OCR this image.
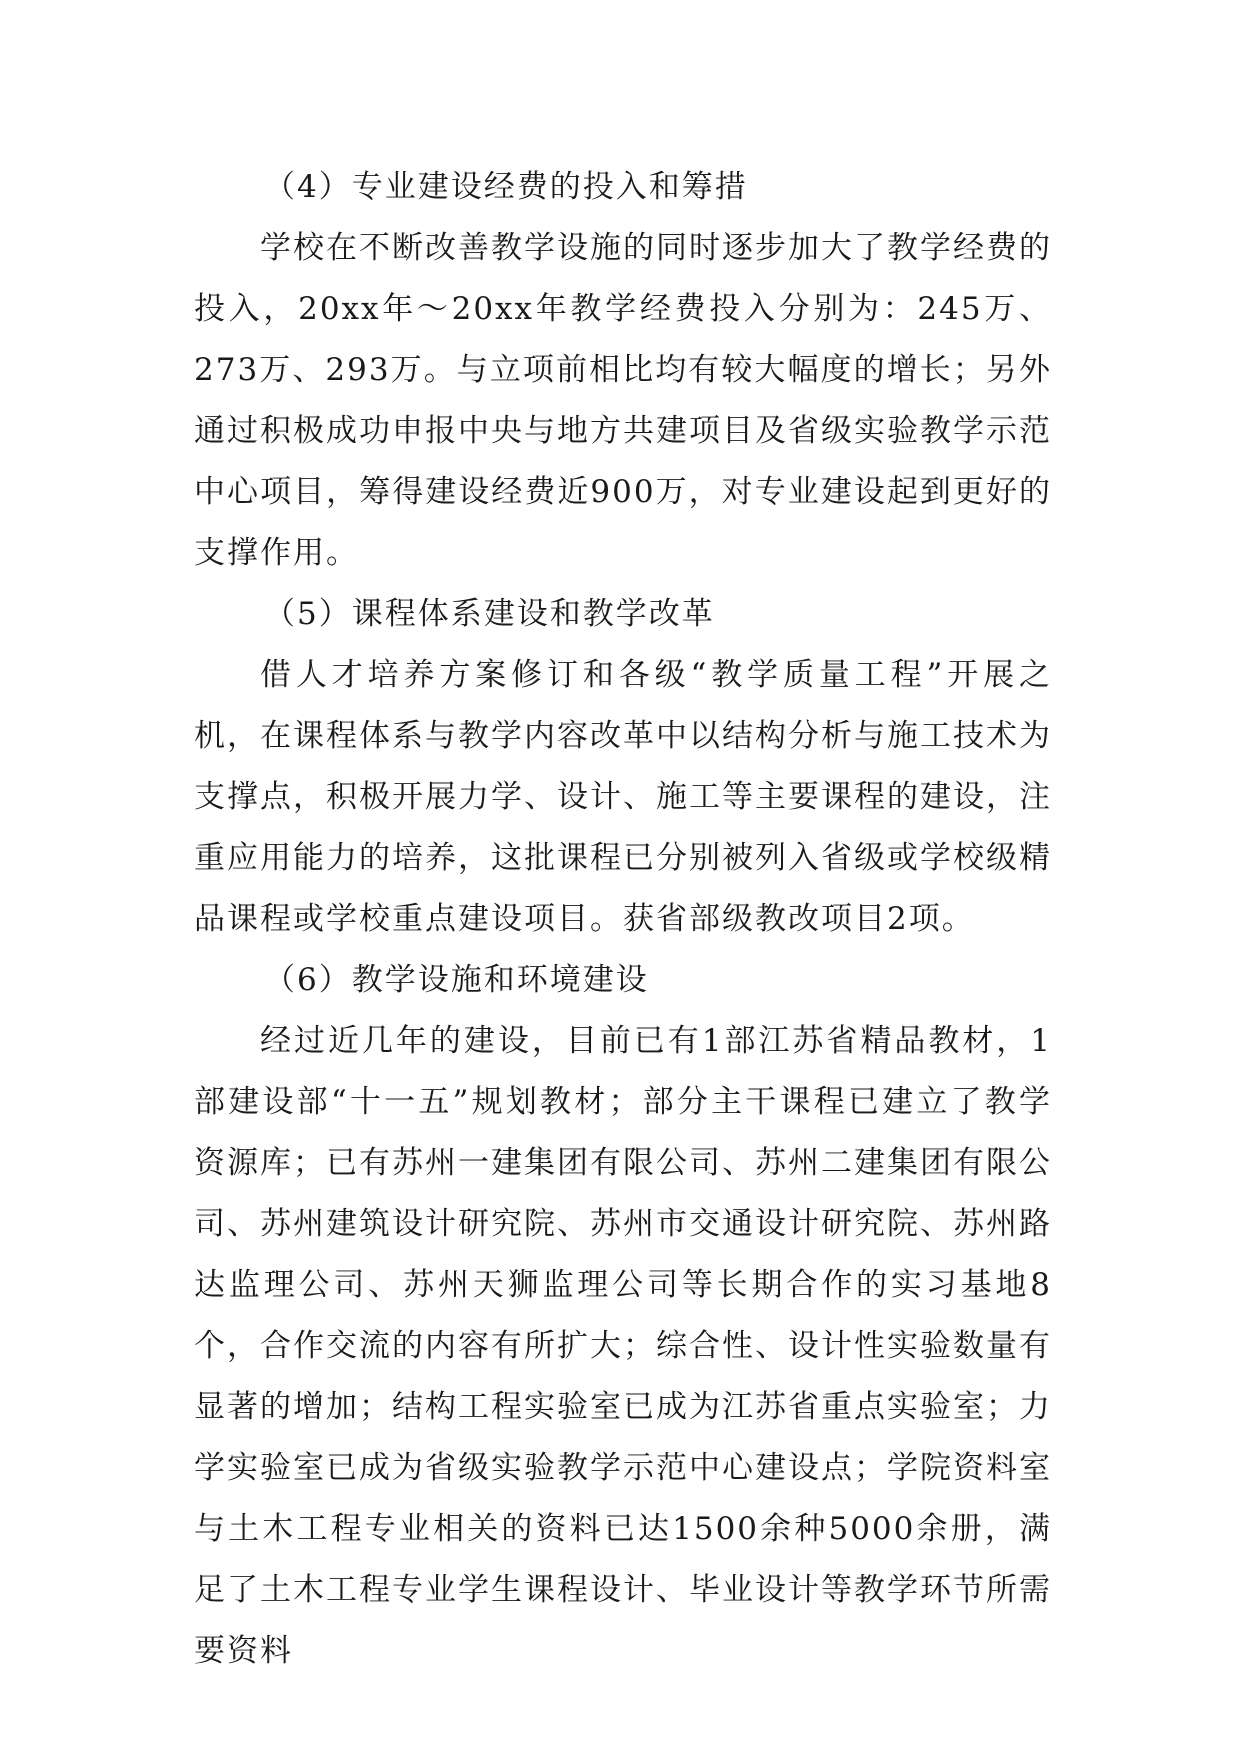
（4）专业建设经费的投入和筹措

学校在不断改善教学设施的同时逐步加大了教学经费的投入，20xx年～20xx年教学经费投入分别为：245万、273万、293万。与立项前相比均有较大幅度的增长；另外通过积极成功申报中央与地方共建项目及省级实验教学示范中心项目，筹得建设经费近900万，对专业建设起到更好的支撑作用。

（5）课程体系建设和教学改革

借人才培养方案修订和各级“教学质量工程”开展之机，在课程体系与教学内容改革中以结构分析与施工技术为支撑点，积极开展力学、设计、施工等主要课程的建设，注重应用能力的培养，这批课程已分别被列入省级或学校级精品课程或学校重点建设项目。获省部级教改项目2项。

（6）教学设施和环境建设

经过近几年的建设，目前已有1部江苏省精品教材，1部建设部“十一五”规划教材；部分主干课程已建立了教学资源库；已有苏州一建集团有限公司、苏州二建集团有限公司、苏州建筑设计研究院、苏州市交通设计研究院、苏州路达监理公司、苏州天狮监理公司等长期合作的实习基地8个，合作交流的内容有所扩大；综合性、设计性实验数量有显著的增加；结构工程实验室已成为江苏省重点实验室；力学实验室已成为省级实验教学示范中心建设点；学院资料室与土木工程专业相关的资料已达1500余种5000余册，满足了土木工程专业学生课程设计、毕业设计等教学环节所需要资料
